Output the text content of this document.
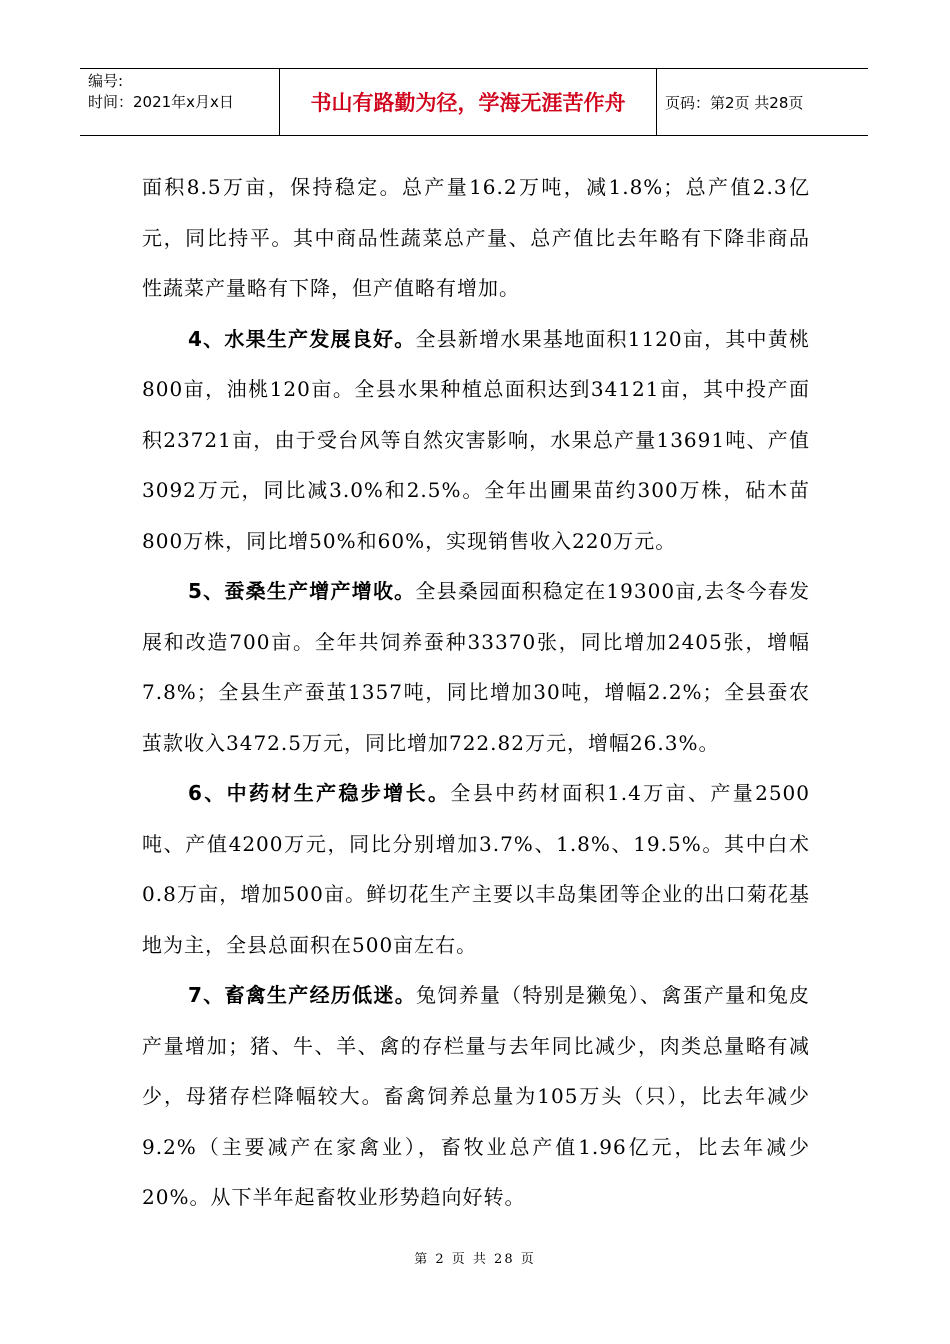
编号:
时间：2021年x月x日	书山有路勤为径，学海无涯苦作舟	页码：第2页 共28页

面积8.5万亩，保持稳定。总产量16.2万吨，减1.8%；总产值2.3亿元，同比持平。其中商品性蔬菜总产量、总产值比去年略有下降非商品性蔬菜产量略有下降，但产值略有增加。

4、水果生产发展良好。全县新增水果基地面积1120亩，其中黄桃800亩，油桃120亩。全县水果种植总面积达到34121亩，其中投产面积23721亩，由于受台风等自然灾害影响，水果总产量13691吨、产值3092万元，同比减3.0%和2.5%。全年出圃果苗约300万株，砧木苗800万株，同比增50%和60%，实现销售收入220万元。

5、蚕桑生产增产增收。全县桑园面积稳定在19300亩,去冬今春发展和改造700亩。全年共饲养蚕种33370张，同比增加2405张，增幅7.8%；全县生产蚕茧1357吨，同比增加30吨，增幅2.2%；全县蚕农茧款收入3472.5万元，同比增加722.82万元，增幅26.3%。

6、中药材生产稳步增长。全县中药材面积1.4万亩、产量2500吨、产值4200万元，同比分别增加3.7%、1.8%、19.5%。其中白术0.8万亩，增加500亩。鲜切花生产主要以丰岛集团等企业的出口菊花基地为主，全县总面积在500亩左右。

7、畜禽生产经历低迷。兔饲养量（特别是獭兔）、禽蛋产量和兔皮产量增加；猪、牛、羊、禽的存栏量与去年同比减少，肉类总量略有减少，母猪存栏降幅较大。畜禽饲养总量为105万头（只），比去年减少9.2%（主要减产在家禽业），畜牧业总产值1.96亿元，比去年减少20%。从下半年起畜牧业形势趋向好转。

第 2 页 共 28 页
